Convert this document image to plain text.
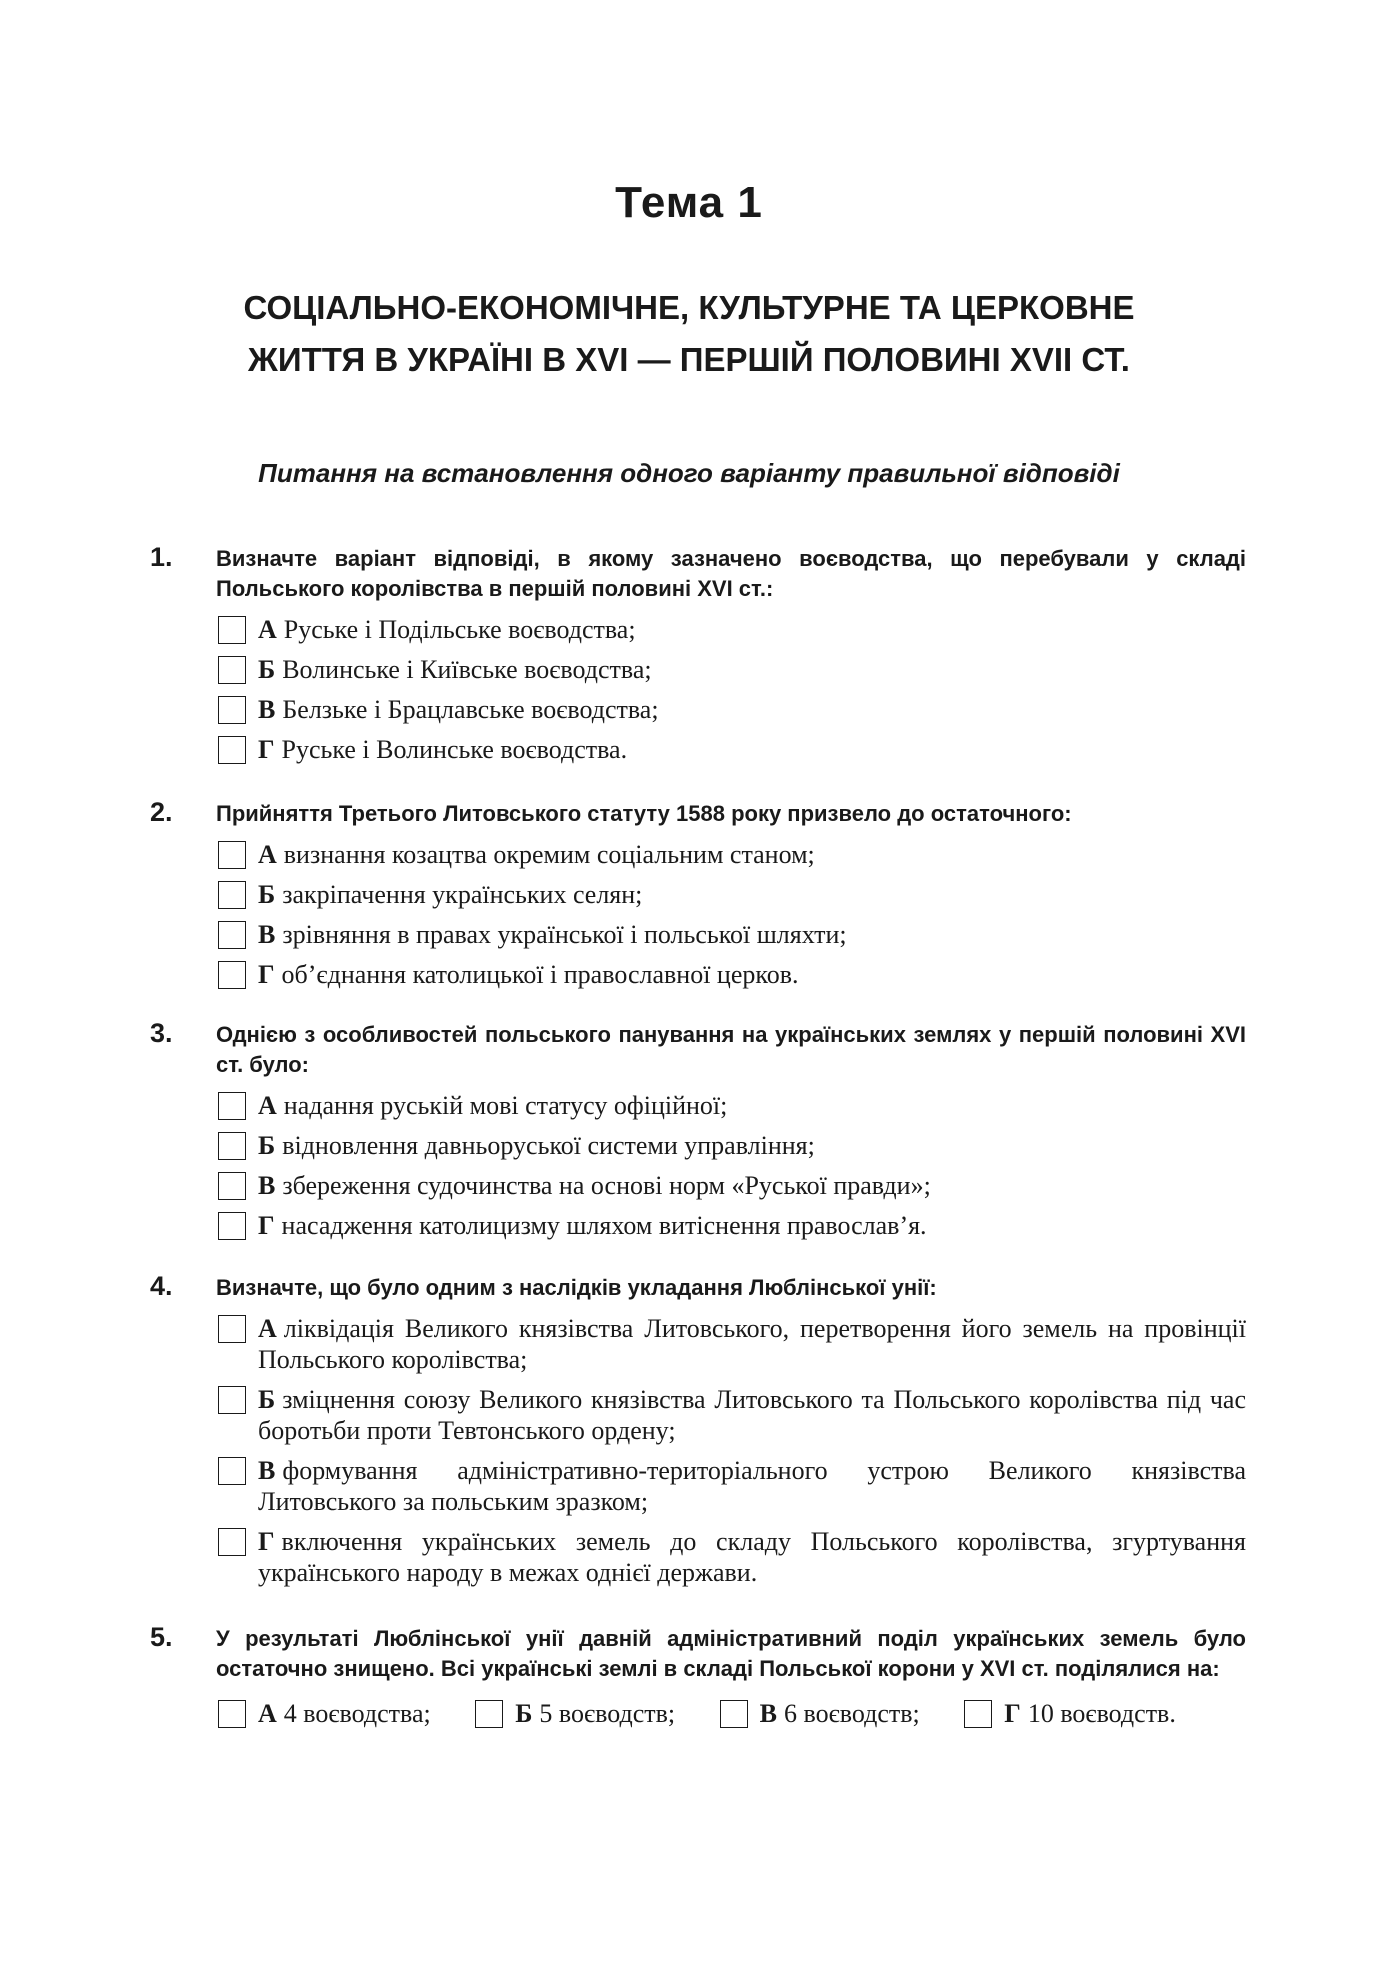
Тема 1
СОЦІАЛЬНО-ЕКОНОМІЧНЕ, КУЛЬТУРНЕ ТА ЦЕРКОВНЕ
ЖИТТЯ В УКРАЇНІ В XVI — ПЕРШІЙ ПОЛОВИНІ XVII СТ.
Питання на встановлення одного варіанту правильної відповіді
1. Визначте варіант відповіді, в якому зазначено воєводства, що перебували у складі Польського королівства в першій половині XVI ст.:
А Руське і Подільське воєводства;
Б Волинське і Київське воєводства;
В Белзьке і Брацлавське воєводства;
Г Руське і Волинське воєводства.
2. Прийняття Третього Литовського статуту 1588 року призвело до остаточного:
А визнання козацтва окремим соціальним станом;
Б закріпачення українських селян;
В зрівняння в правах української і польської шляхти;
Г об’єднання католицької і православної церков.
3. Однією з особливостей польського панування на українських землях у першій половині XVI ст. було:
А надання руській мові статусу офіційної;
Б відновлення давньоруської системи управління;
В збереження судочинства на основі норм «Руської правди»;
Г насадження католицизму шляхом витіснення православ’я.
4. Визначте, що було одним з наслідків укладання Люблінської унії:
А ліквідація Великого князівства Литовського, перетворення його земель на провінції Польського королівства;
Б зміцнення союзу Великого князівства Литовського та Польського королівства під час боротьби проти Тевтонського ордену;
В формування адміністративно-територіального устрою Великого князівства Литовського за польським зразком;
Г включення українських земель до складу Польського королівства, згуртування українського народу в межах однієї держави.
5. У результаті Люблінської унії давній адміністративний поділ українських земель було остаточно знищено. Всі українські землі в складі Польської корони у XVI ст. поділялися на:
А 4 воєводства;	Б 5 воєводств;	В 6 воєводств;	Г 10 воєводств.
